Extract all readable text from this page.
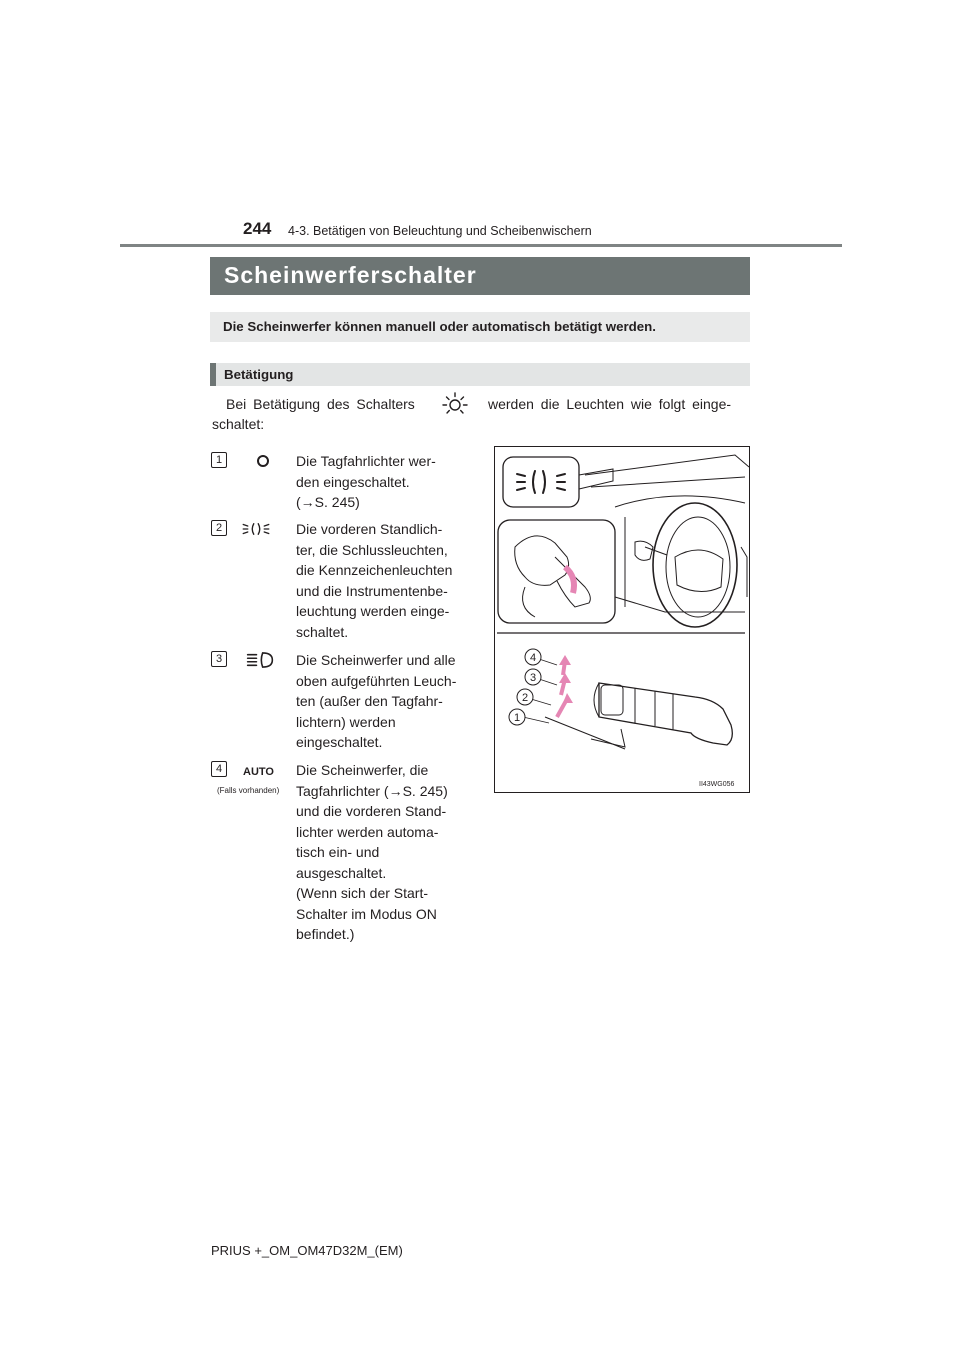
244 4-3. Betätigen von Beleuchtung und Scheibenwischern
Scheinwerferschalter
Die Scheinwerfer können manuell oder automatisch betätigt werden.
Betätigung
Bei Betätigung des Schalters	werden die Leuchten wie folgt einge-
schaltet:
1	Die Tagfahrlichter wer-
den eingeschaltet.
(→S. 245)
2	Die vorderen Standlich-
ter, die Schlussleuchten,
die Kennzeichenleuchten
und die Instrumentenbe-
leuchtung werden einge-
schaltet.
3	Die Scheinwerfer und alle
oben aufgeführten Leuch-
ten (außer den Tagfahr-
lichtern) werden
eingeschaltet.
4	AUTO
(Falls vorhanden)
Die Scheinwerfer, die
Tagfahrlichter (→S. 245)
und die vorderen Stand-
lichter werden automa-
tisch ein- und
ausgeschaltet.
(Wenn sich der Start-
Schalter im Modus ON
befindet.)
4
3
2
1
II43WG056
PRIUS +_OM_OM47D32M_(EM)
